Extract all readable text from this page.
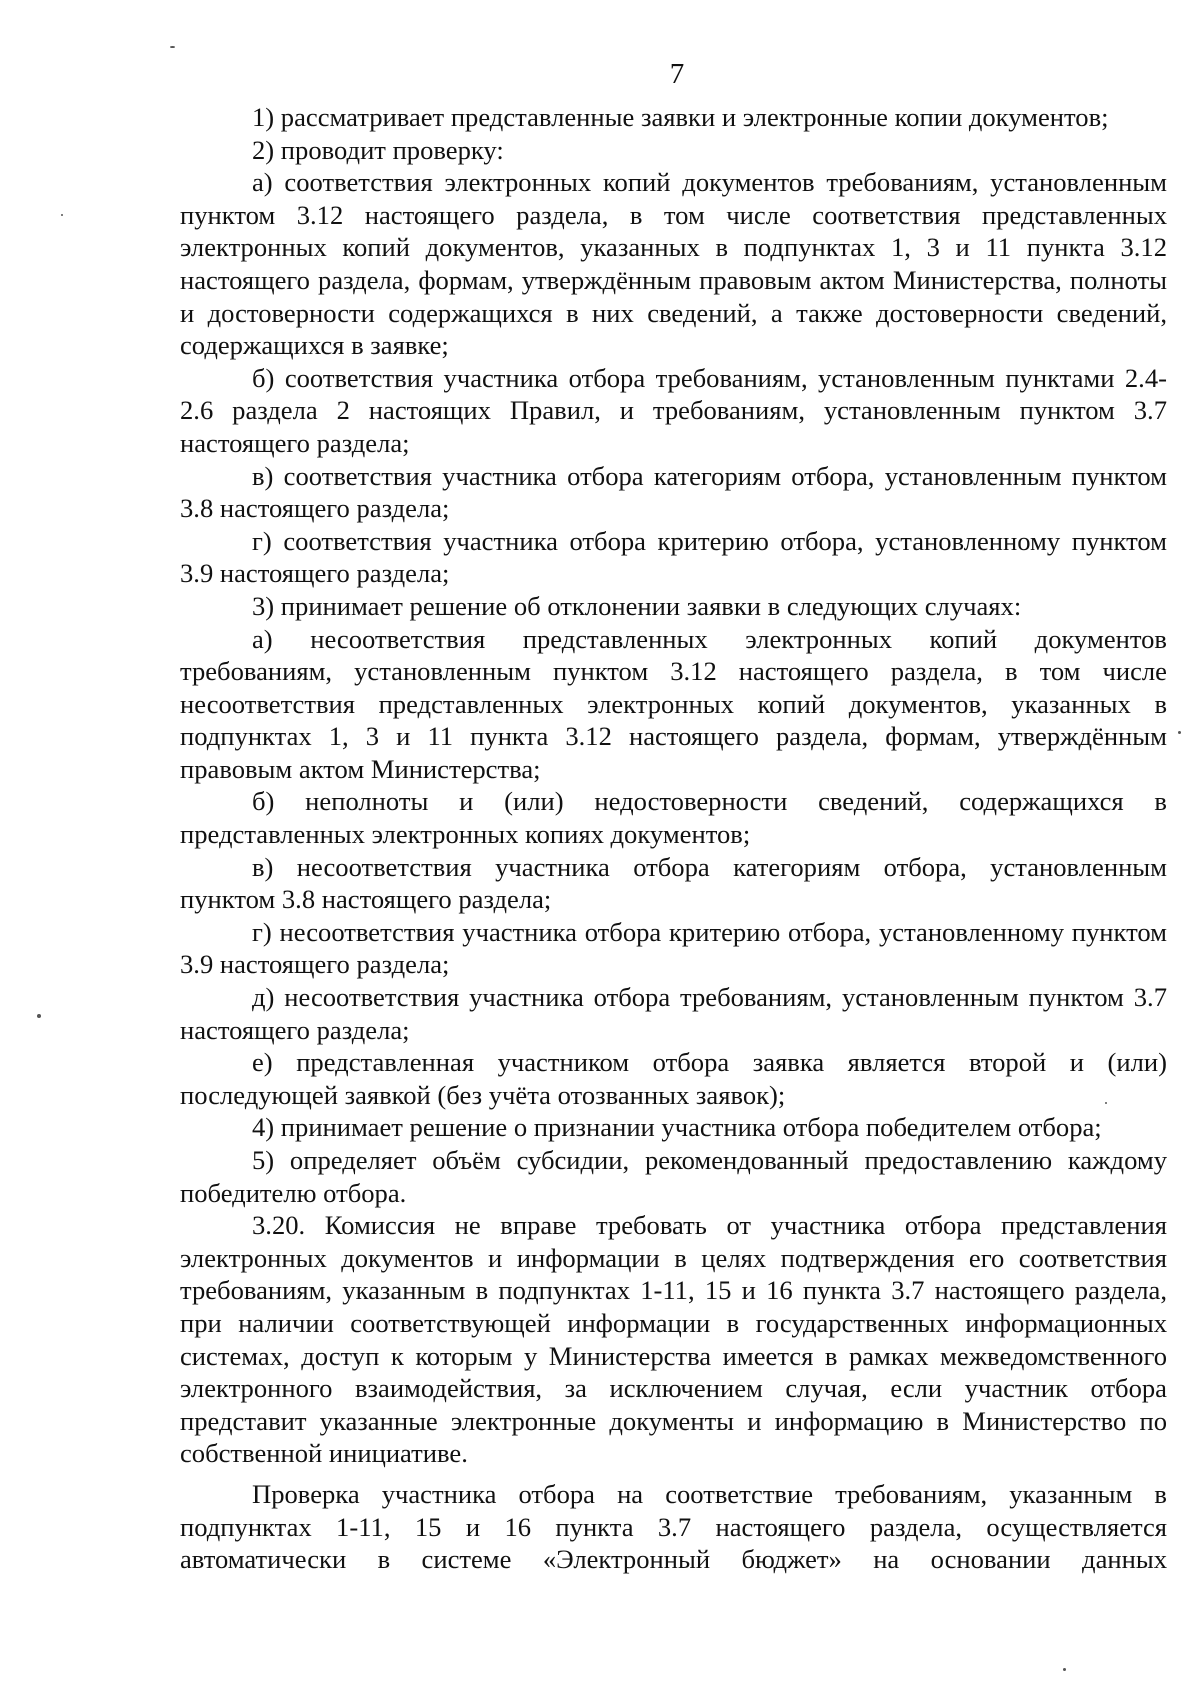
7

1) рассматривает представленные заявки и электронные копии документов;

2) проводит проверку:

а) соответствия электронных копий документов требованиям, установленным пунктом 3.12 настоящего раздела, в том числе соответствия представленных электронных копий документов, указанных в подпунктах 1, 3 и 11 пункта 3.12 настоящего раздела, формам, утверждённым правовым актом Министерства, полноты и достоверности содержащихся в них сведений, а также достоверности сведений, содержащихся в заявке;

б) соответствия участника отбора требованиям, установленным пунктами 2.4-2.6 раздела 2 настоящих Правил, и требованиям, установленным пунктом 3.7 настоящего раздела;

в) соответствия участника отбора категориям отбора, установленным пунктом 3.8 настоящего раздела;

г) соответствия участника отбора критерию отбора, установленному пунктом 3.9 настоящего раздела;

3) принимает решение об отклонении заявки в следующих случаях:

а) несоответствия представленных электронных копий документов требованиям, установленным пунктом 3.12 настоящего раздела, в том числе несоответствия представленных электронных копий документов, указанных в подпунктах 1, 3 и 11 пункта 3.12 настоящего раздела, формам, утверждённым правовым актом Министерства;

б) неполноты и (или) недостоверности сведений, содержащихся в представленных электронных копиях документов;

в) несоответствия участника отбора категориям отбора, установленным пунктом 3.8 настоящего раздела;

г) несоответствия участника отбора критерию отбора, установленному пунктом 3.9 настоящего раздела;

д) несоответствия участника отбора требованиям, установленным пунктом 3.7 настоящего раздела;

е) представленная участником отбора заявка является второй и (или) последующей заявкой (без учёта отозванных заявок);

4) принимает решение о признании участника отбора победителем отбора;

5) определяет объём субсидии, рекомендованный предоставлению каждому победителю отбора.

3.20. Комиссия не вправе требовать от участника отбора представления электронных документов и информации в целях подтверждения его соответствия требованиям, указанным в подпунктах 1-11, 15 и 16 пункта 3.7 настоящего раздела, при наличии соответствующей информации в государственных информационных системах, доступ к которым у Министерства имеется в рамках межведомственного электронного взаимодействия, за исключением случая, если участник отбора представит указанные электронные документы и информацию в Министерство по собственной инициативе.

Проверка участника отбора на соответствие требованиям, указанным в подпунктах 1-11, 15 и 16 пункта 3.7 настоящего раздела, осуществляется автоматически в системе «Электронный бюджет» на основании данных
